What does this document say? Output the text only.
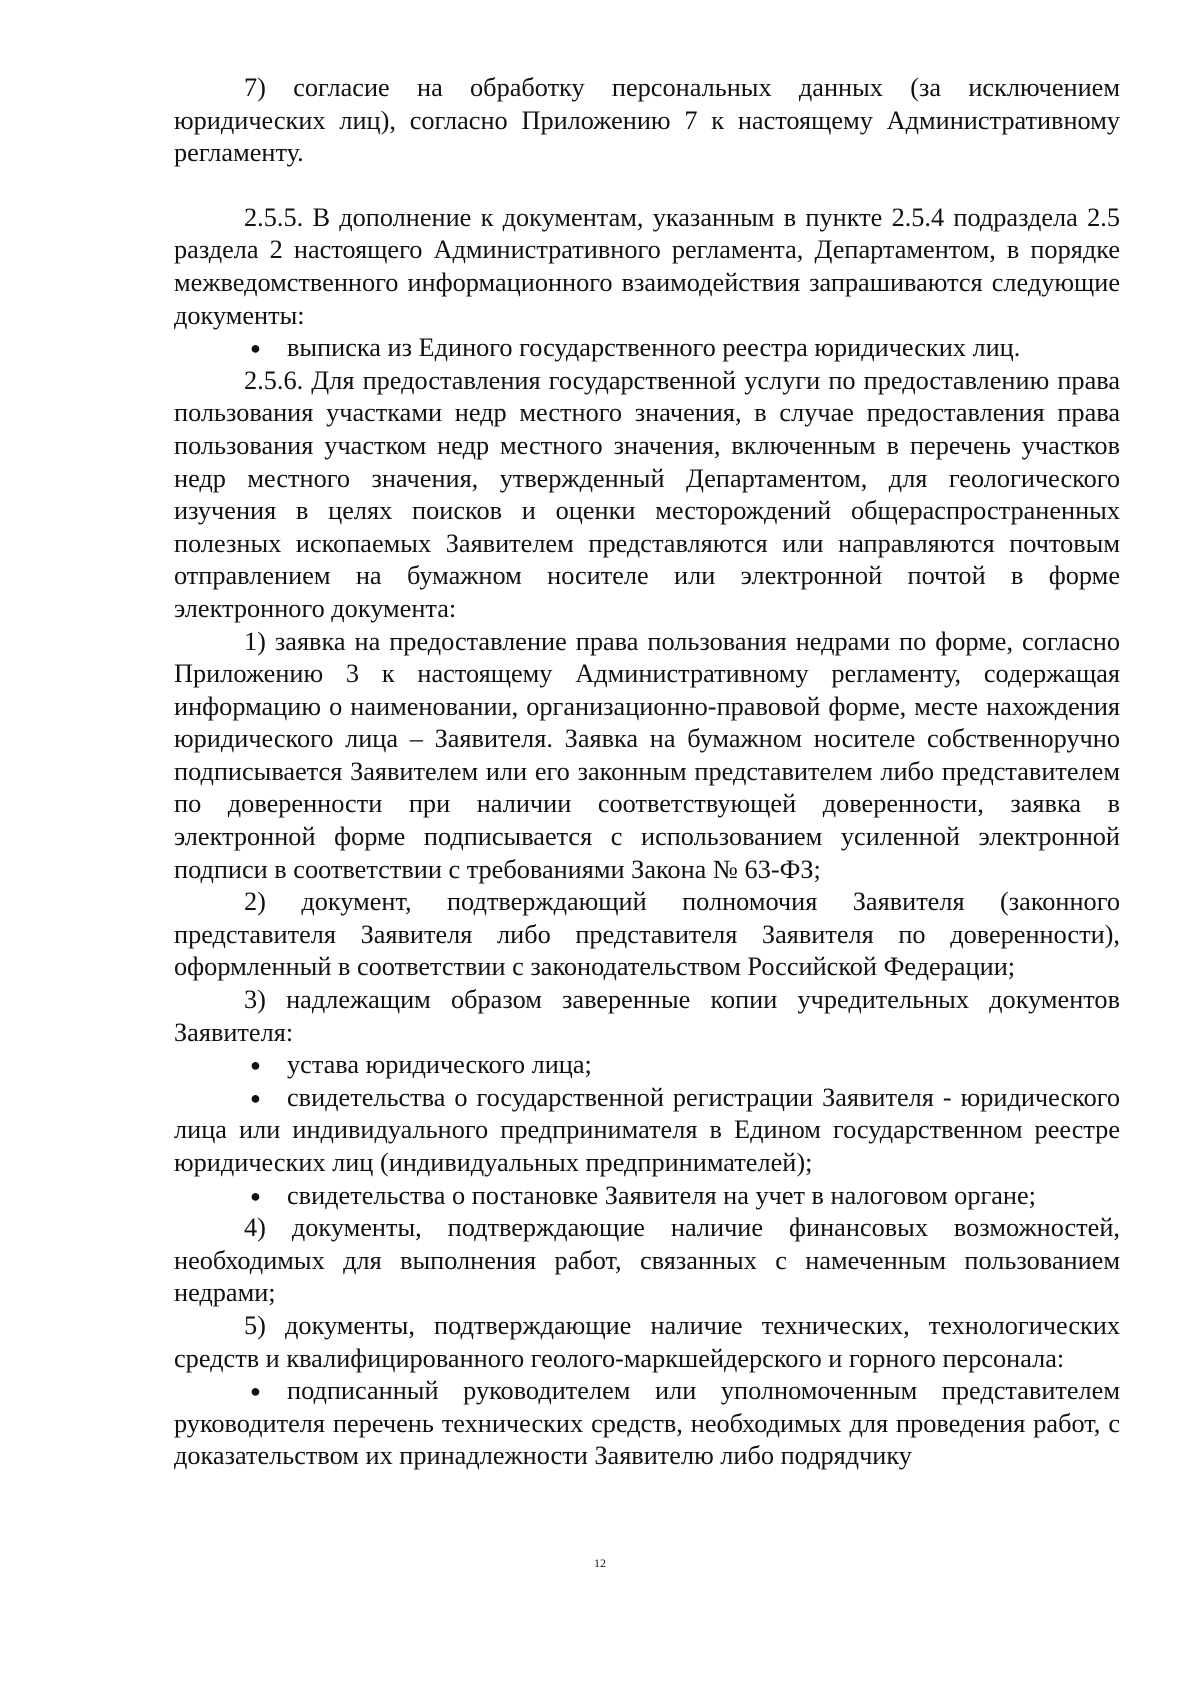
7) согласие на обработку персональных данных (за исключением юридических лиц), согласно Приложению 7 к настоящему Административному регламенту.

2.5.5. В дополнение к документам, указанным в пункте 2.5.4 подраздела 2.5 раздела 2 настоящего Административного регламента, Департаментом, в порядке межведомственного информационного взаимодействия запрашиваются следующие документы:

● выписка из Единого государственного реестра юридических лиц.

2.5.6. Для предоставления государственной услуги по предоставлению права пользования участками недр местного значения, в случае предоставления права пользования участком недр местного значения, включенным в перечень участков недр местного значения, утвержденный Департаментом, для геологического изучения в целях поисков и оценки месторождений общераспространенных полезных ископаемых Заявителем представляются или направляются почтовым отправлением на бумажном носителе или электронной почтой в форме электронного документа:

1) заявка на предоставление права пользования недрами по форме, согласно Приложению 3 к настоящему Административному регламенту, содержащая информацию о наименовании, организационно-правовой форме, месте нахождения юридического лица – Заявителя. Заявка на бумажном носителе собственноручно подписывается Заявителем или его законным представителем либо представителем по доверенности при наличии соответствующей доверенности, заявка в электронной форме подписывается с использованием усиленной электронной подписи в соответствии с требованиями Закона № 63-ФЗ;

2) документ, подтверждающий полномочия Заявителя (законного представителя Заявителя либо представителя Заявителя по доверенности), оформленный в соответствии с законодательством Российской Федерации;

3) надлежащим образом заверенные копии учредительных документов Заявителя:

● устава юридического лица;

● свидетельства о государственной регистрации Заявителя - юридического лица или индивидуального предпринимателя в Едином государственном реестре юридических лиц (индивидуальных предпринимателей);

● свидетельства о постановке Заявителя на учет в налоговом органе;

4) документы, подтверждающие наличие финансовых возможностей, необходимых для выполнения работ, связанных с намеченным пользованием недрами;

5) документы, подтверждающие наличие технических, технологических средств и квалифицированного геолого-маркшейдерского и горного персонала:

● подписанный руководителем или уполномоченным представителем руководителя перечень технических средств, необходимых для проведения работ, с доказательством их принадлежности Заявителю либо подрядчику

12
